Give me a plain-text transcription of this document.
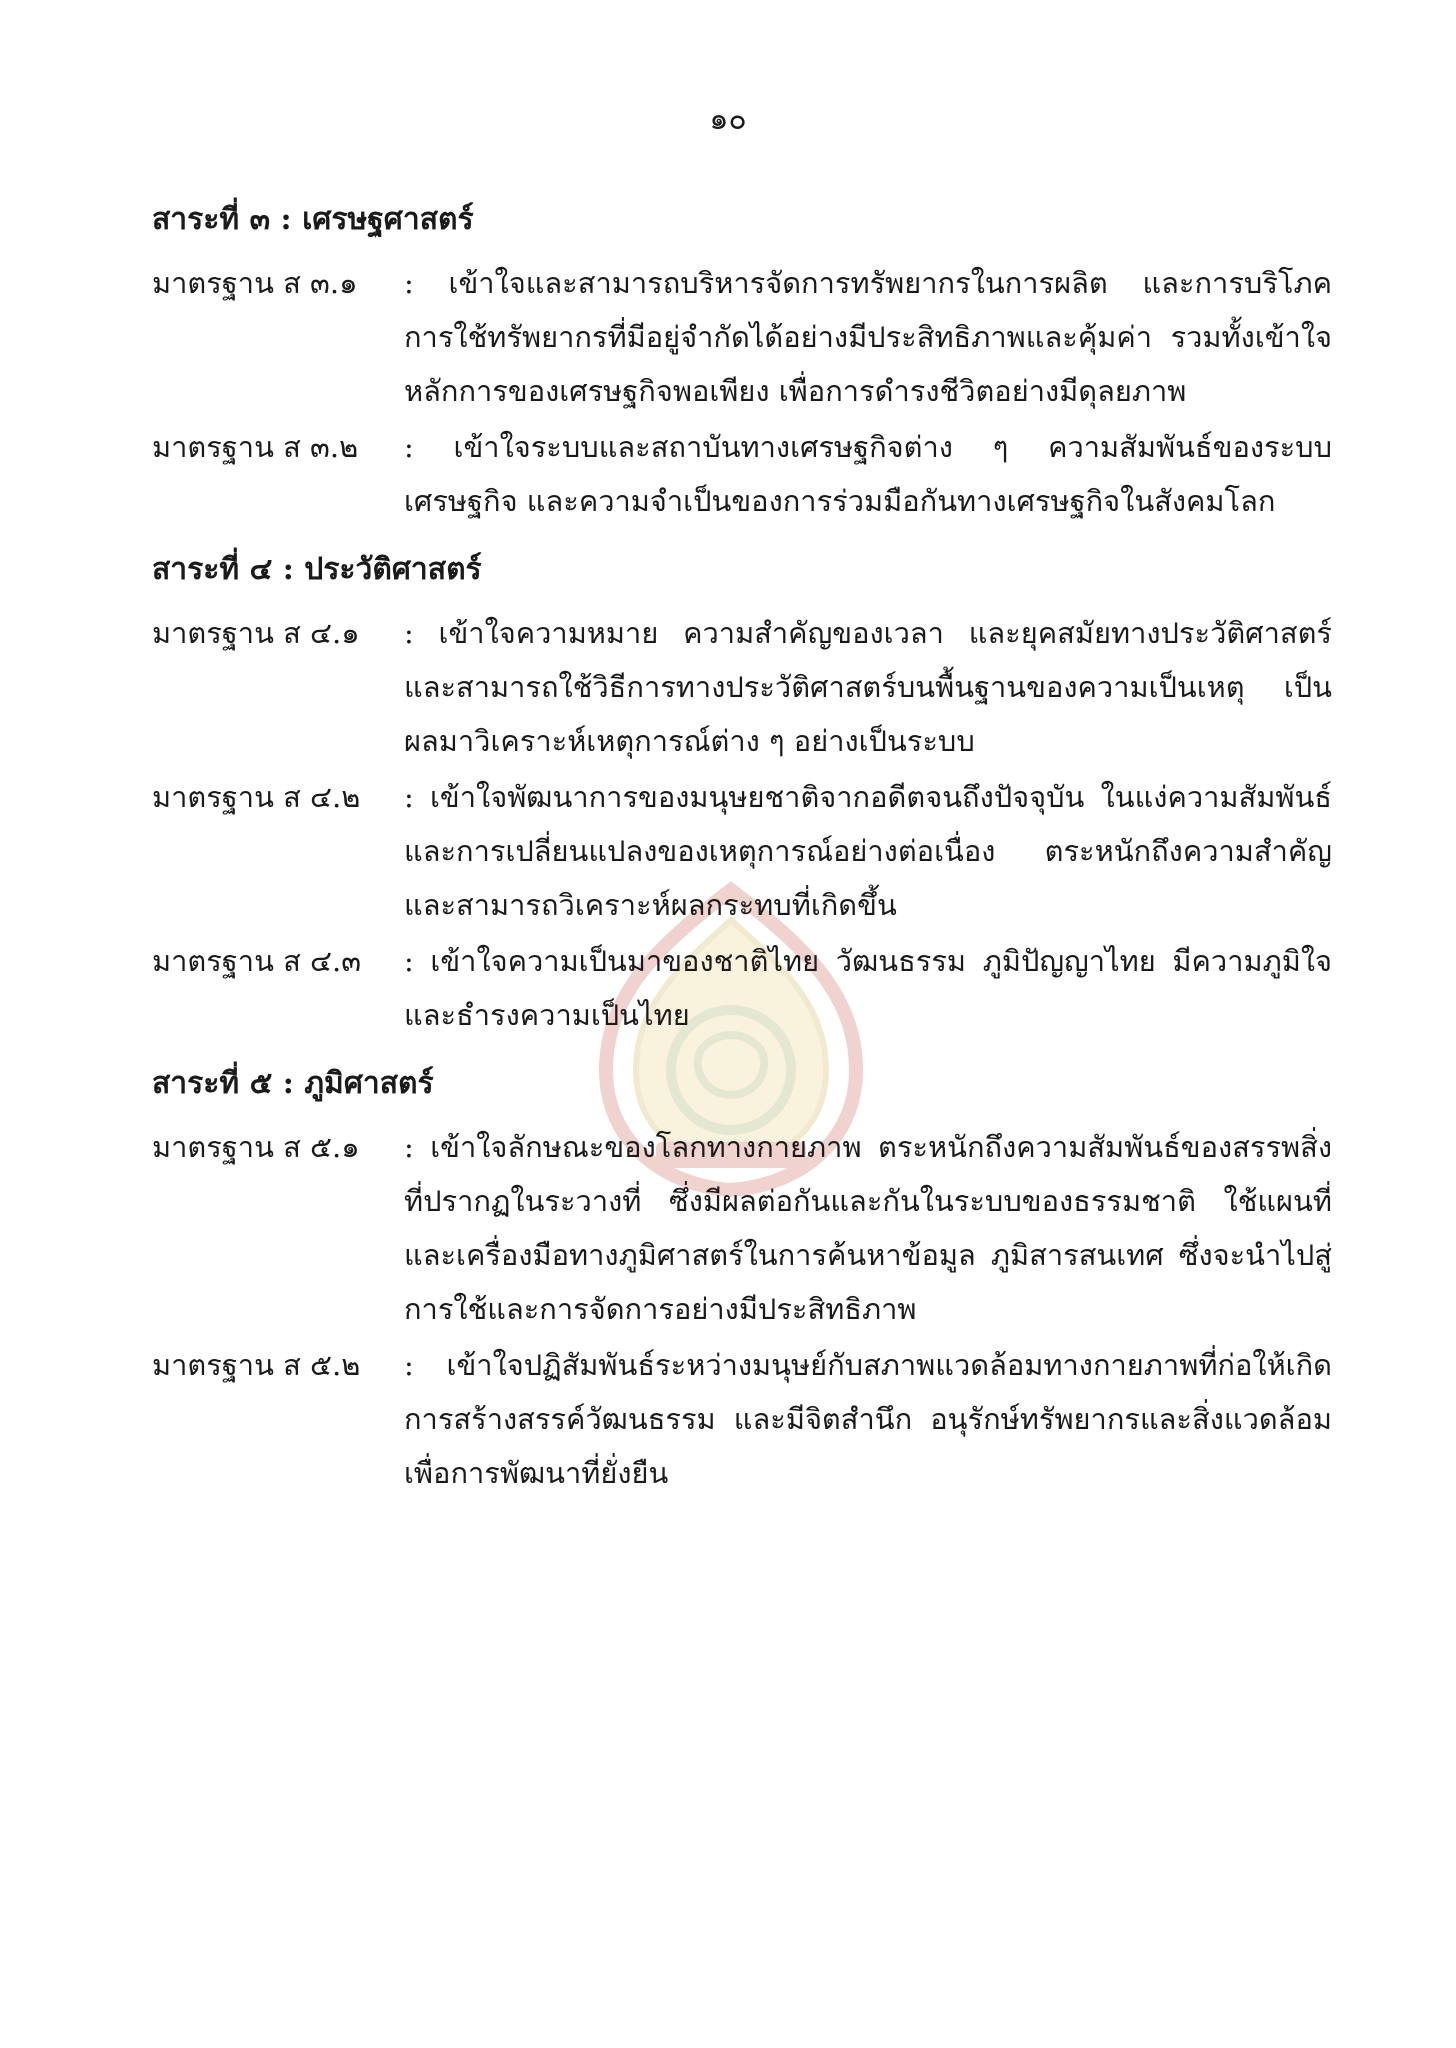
๑๐
สาระที่ ๓ : เศรษฐศาสตร์
มาตรฐาน ส ๓.๑	: เข้าใจและสามารถบริหารจัดการทรัพยากรในการผลิต และการบริโภค การใช้ทรัพยากรที่มีอยู่จำกัดได้อย่างมีประสิทธิภาพและคุ้มค่า รวมทั้งเข้าใจหลักการของเศรษฐกิจพอเพียง เพื่อการดำรงชีวิตอย่างมีดุลยภาพ
มาตรฐาน ส ๓.๒	: เข้าใจระบบและสถาบันทางเศรษฐกิจต่าง ๆ ความสัมพันธ์ของระบบเศรษฐกิจ และความจำเป็นของการร่วมมือกันทางเศรษฐกิจในสังคมโลก
สาระที่ ๔ : ประวัติศาสตร์
มาตรฐาน ส ๔.๑	: เข้าใจความหมาย ความสำคัญของเวลา และยุคสมัยทางประวัติศาสตร์และสามารถใช้วิธีการทางประวัติศาสตร์บนพื้นฐานของความเป็นเหตุ เป็นผลมาวิเคราะห์เหตุการณ์ต่าง ๆ อย่างเป็นระบบ
มาตรฐาน ส ๔.๒	: เข้าใจพัฒนาการของมนุษยชาติจากอดีตจนถึงปัจจุบัน ในแง่ความสัมพันธ์ และการเปลี่ยนแปลงของเหตุการณ์อย่างต่อเนื่อง ตระหนักถึงความสำคัญ และสามารถวิเคราะห์ผลกระทบที่เกิดขึ้น
มาตรฐาน ส ๔.๓	: เข้าใจความเป็นมาของชาติไทย วัฒนธรรม ภูมิปัญญาไทย มีความภูมิใจ และธำรงความเป็นไทย
สาระที่ ๕ : ภูมิศาสตร์
มาตรฐาน ส ๕.๑	: เข้าใจลักษณะของโลกทางกายภาพ ตระหนักถึงความสัมพันธ์ของสรรพสิ่ง ที่ปรากฏในระวางที่ ซึ่งมีผลต่อกันและกันในระบบของธรรมชาติ ใช้แผนที่ และเครื่องมือทางภูมิศาสตร์ในการค้นหาข้อมูล ภูมิสารสนเทศ ซึ่งจะนำไปสู่ การใช้และการจัดการอย่างมีประสิทธิภาพ
มาตรฐาน ส ๕.๒	: เข้าใจปฏิสัมพันธ์ระหว่างมนุษย์กับสภาพแวดล้อมทางกายภาพที่ก่อให้เกิด การสร้างสรรค์วัฒนธรรม และมีจิตสำนึก อนุรักษ์ทรัพยากรและสิ่งแวดล้อม เพื่อการพัฒนาที่ยั่งยืน
